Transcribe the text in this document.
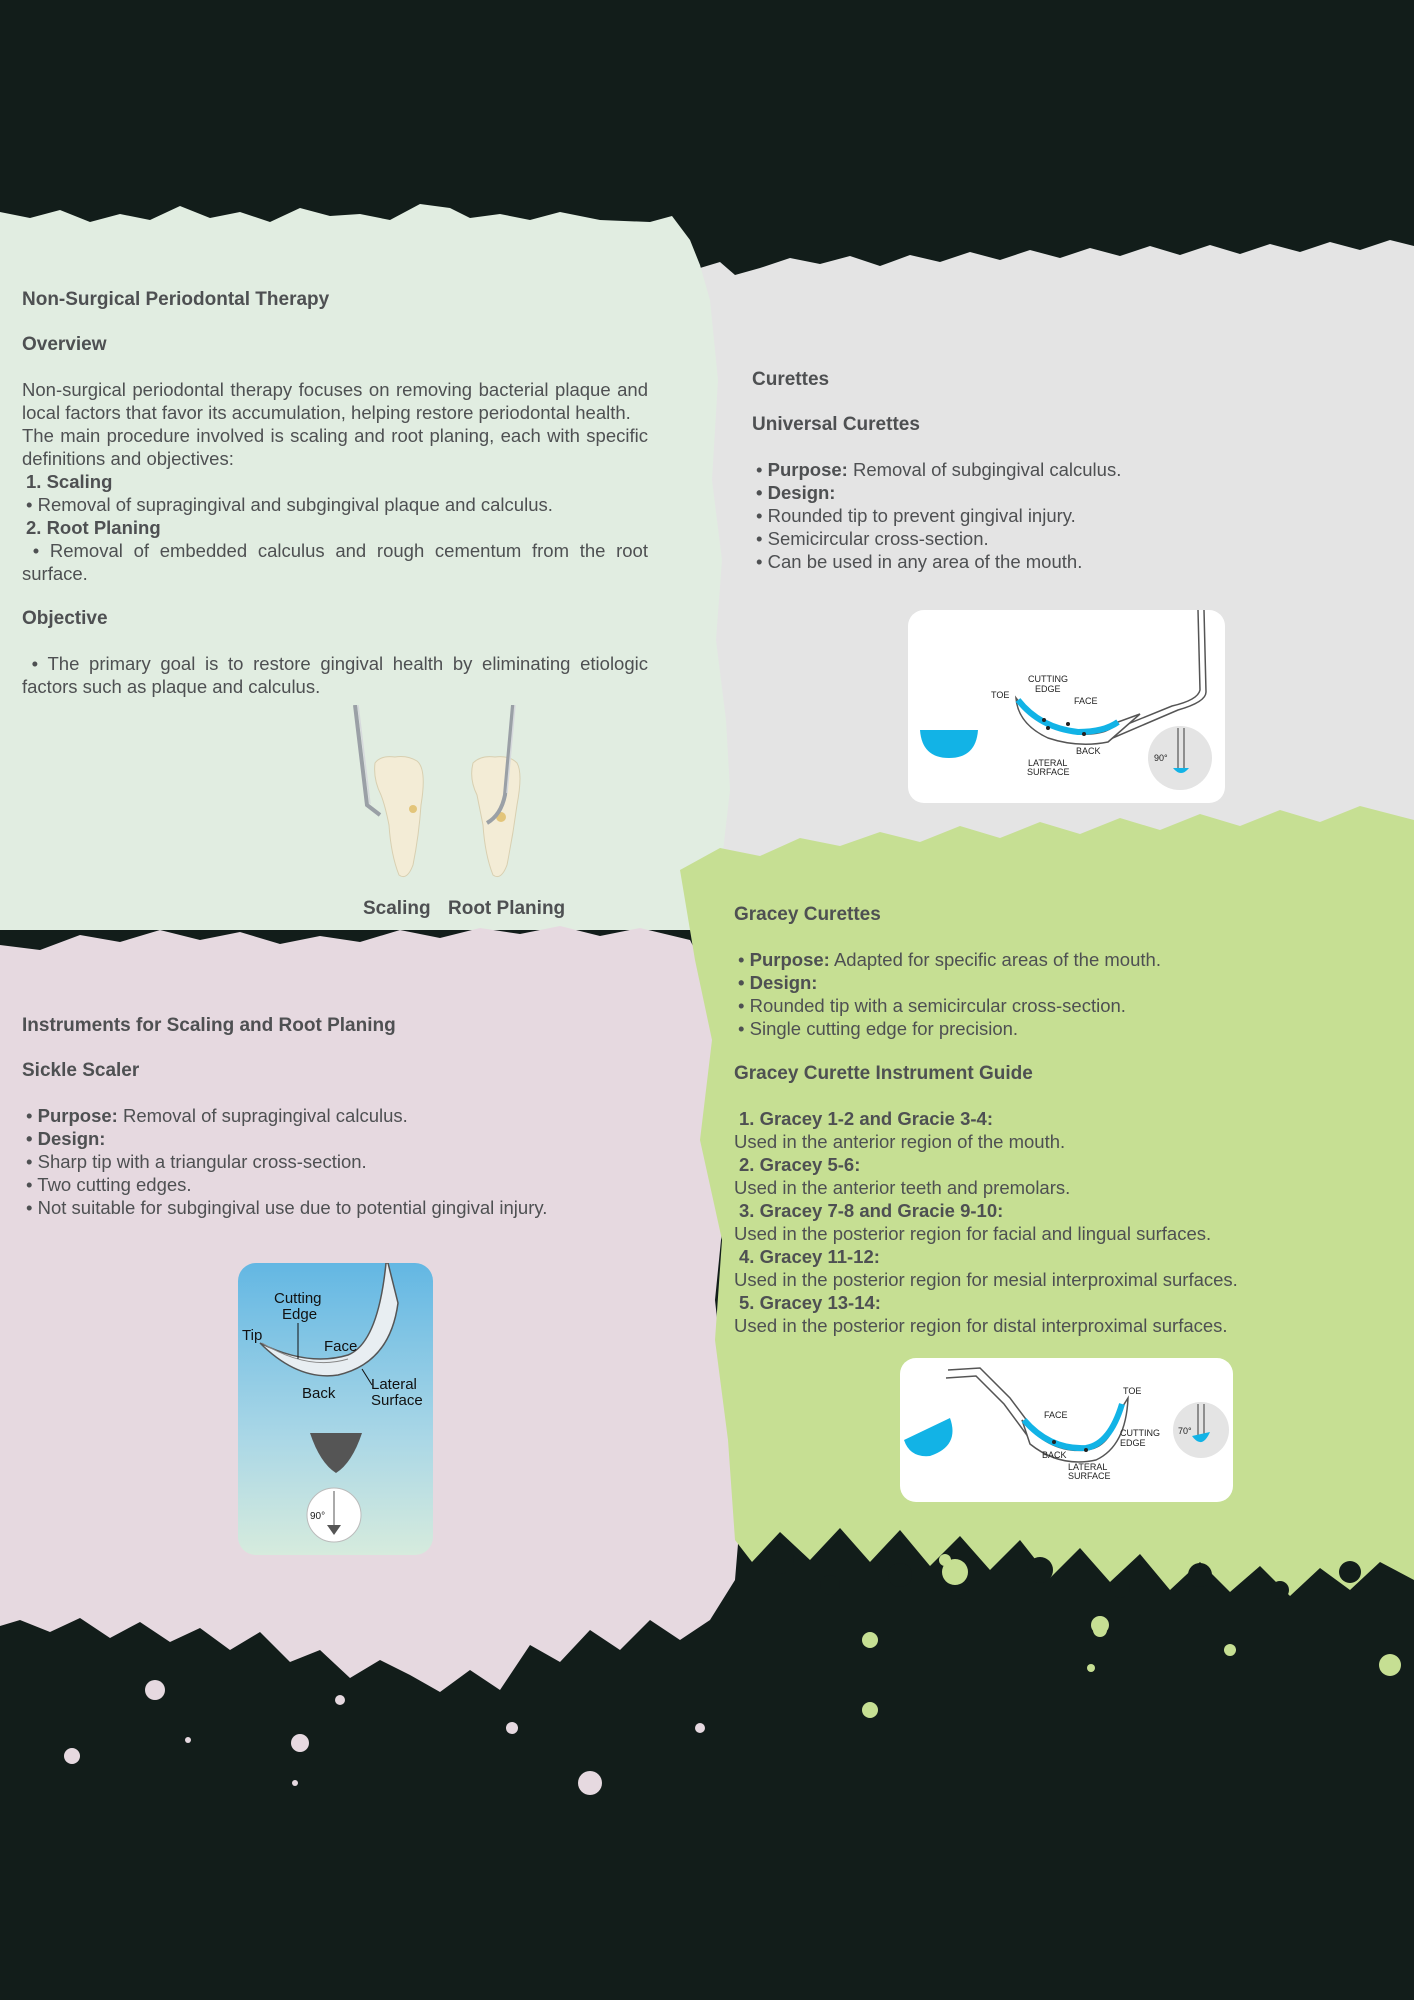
Non-Surgical Periodontal Therapy

Overview

Non-surgical periodontal therapy focuses on removing bacterial plaque and local factors that favor its accumulation, helping restore periodontal health.

The main procedure involved is scaling and root planing, each with specific definitions and objectives:

1. Scaling

• Removal of supragingival and subgingival plaque and calculus.

2. Root Planing

• Removal of embedded calculus and rough cementum from the root surface.

Objective

• The primary goal is to restore gingival health by eliminating etiologic factors such as plaque and calculus.

Scaling Root Planing

Curettes

Universal Curettes

• Purpose: Removal of subgingival calculus.

• Design:

• Rounded tip to prevent gingival injury.

• Semicircular cross-section.

• Can be used in any area of the mouth.

TOE
CUTTING
EDGE
FACE
BACK
LATERAL
SURFACE
90°

Instruments for Scaling and Root Planing

Sickle Scaler

• Purpose: Removal of supragingival calculus.

• Design:

• Sharp tip with a triangular cross-section.

• Two cutting edges.

• Not suitable for subgingival use due to potential gingival injury.

Cutting
Edge
Tip
Face
Back
Lateral
Surface
90°

Gracey Curettes

• Purpose: Adapted for specific areas of the mouth.

• Design:

• Rounded tip with a semicircular cross-section.

• Single cutting edge for precision.

Gracey Curette Instrument Guide

1. Gracey 1-2 and Gracie 3-4:

Used in the anterior region of the mouth.

2. Gracey 5-6:

Used in the anterior teeth and premolars.

3. Gracey 7-8 and Gracie 9-10:

Used in the posterior region for facial and lingual surfaces.

4. Gracey 11-12:

Used in the posterior region for mesial interproximal surfaces.

5. Gracey 13-14:

Used in the posterior region for distal interproximal surfaces.

TOE
FACE
BACK
CUTTING
EDGE
LATERAL
SURFACE
70°
